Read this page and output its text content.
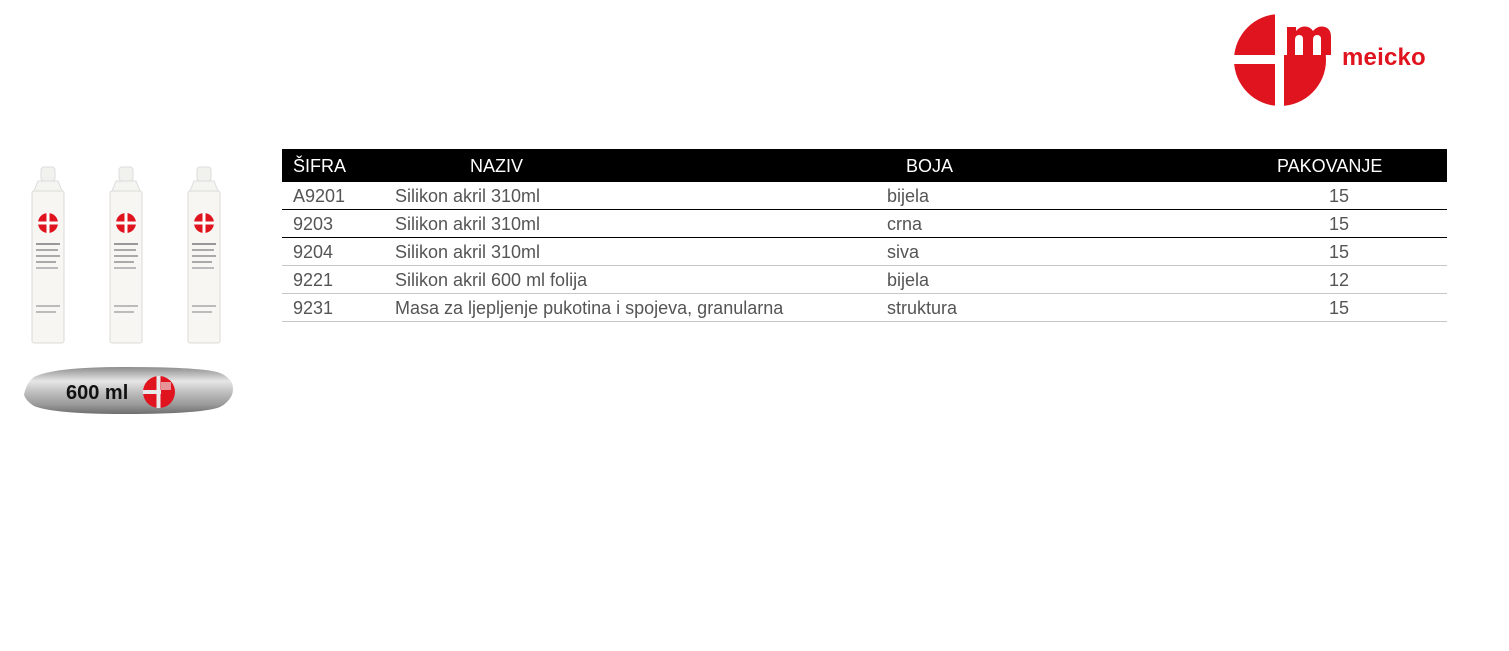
meicko
600 ml
ŠIFRA	NAZIV	BOJA	PAKOVANJE
A9201	Silikon akril 310ml	bijela	15
9203	Silikon akril 310ml	crna	15
9204	Silikon akril 310ml	siva	15
9221	Silikon akril 600 ml folija	bijela	12
9231	Masa za ljepljenje pukotina i spojeva, granularna	struktura	15
